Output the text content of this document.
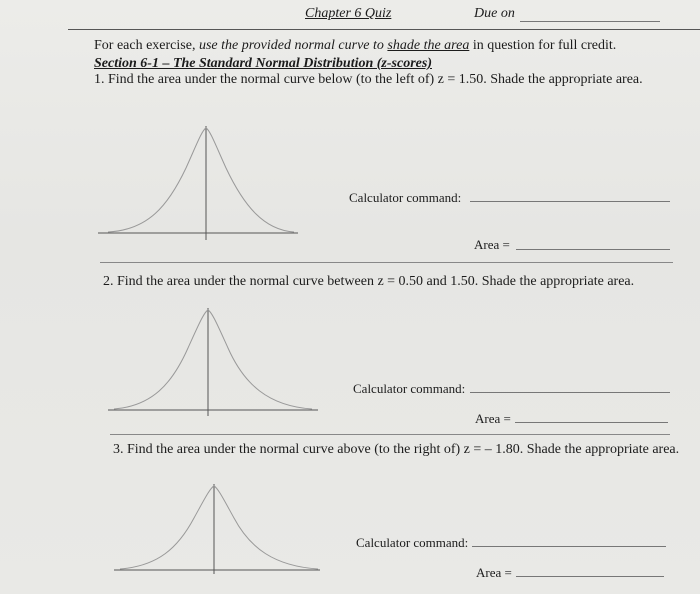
Chapter 6 Quiz	Due on
For each exercise, use the provided normal curve to shade the area in question for full credit.
Section 6-1 – The Standard Normal Distribution (z-scores)
1. Find the area under the normal curve below (to the left of) z = 1.50. Shade the appropriate area.
Calculator command:
Area =
2. Find the area under the normal curve between z = 0.50 and 1.50. Shade the appropriate area.
Calculator command:
Area =
3. Find the area under the normal curve above (to the right of) z = – 1.80. Shade the appropriate area.
Calculator command:
Area =
